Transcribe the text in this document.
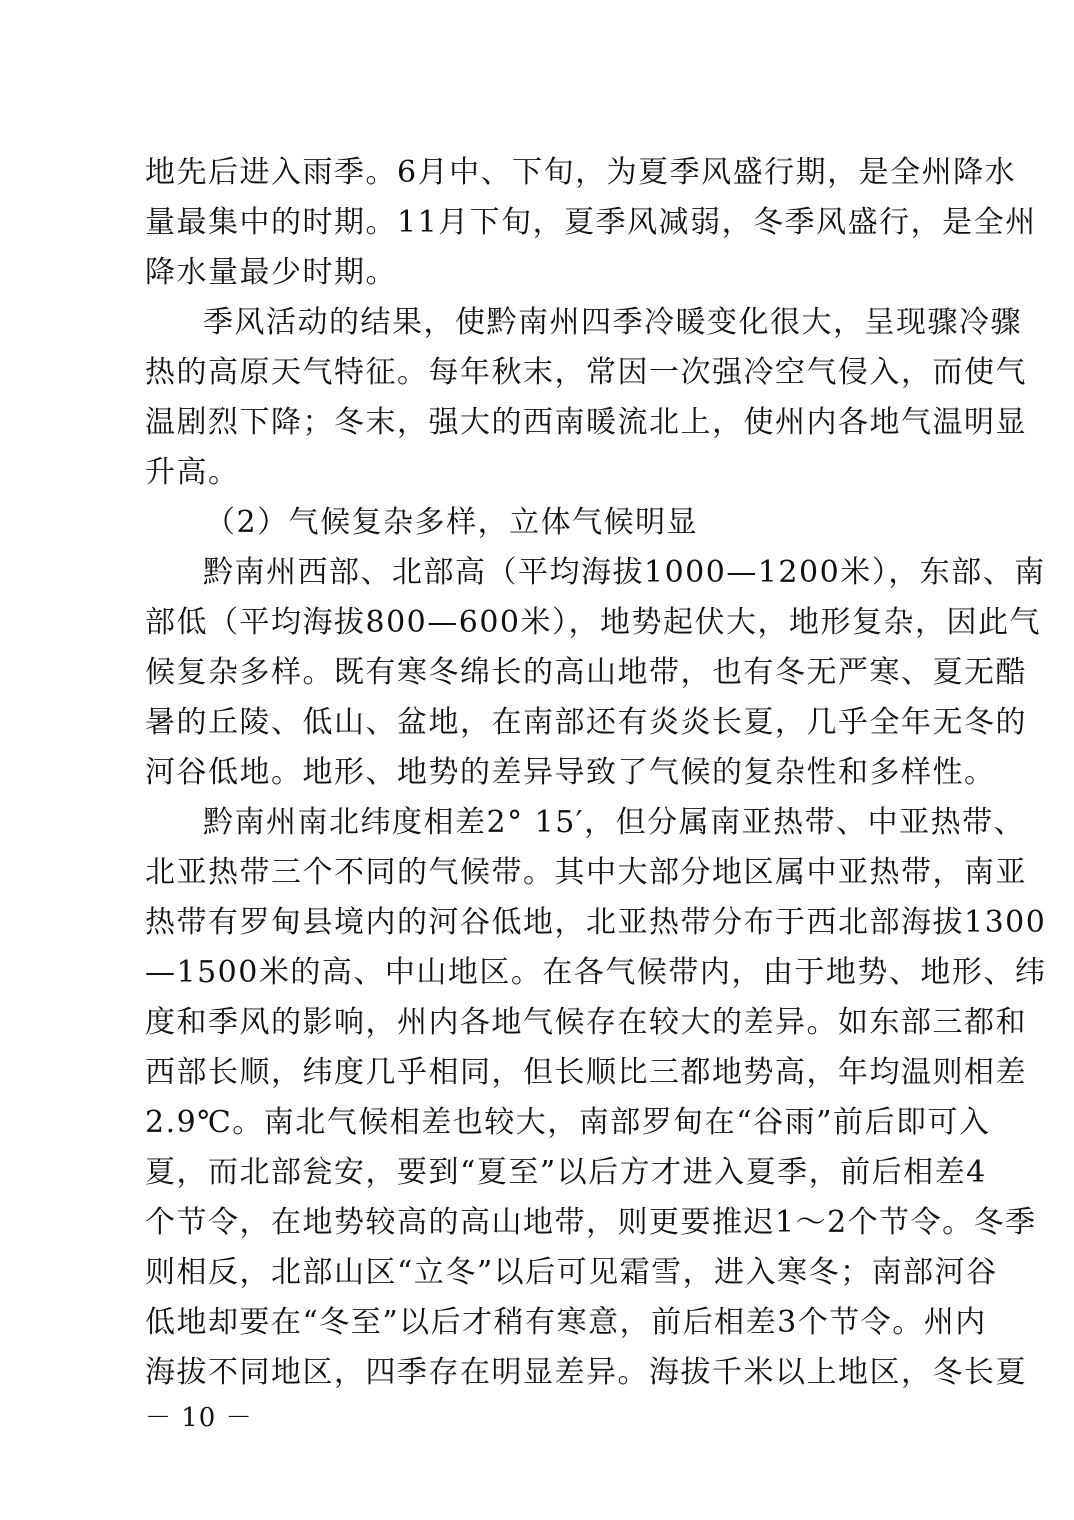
地先后进入雨季。6月中、下旬，为夏季风盛行期，是全州降水
量最集中的时期。11月下旬，夏季风减弱，冬季风盛行，是全州
降水量最少时期。
季风活动的结果，使黔南州四季冷暖变化很大，呈现骤冷骤
热的高原天气特征。每年秋末，常因一次强冷空气侵入，而使气
温剧烈下降；冬末，强大的西南暖流北上，使州内各地气温明显
升高。
（2）气候复杂多样，立体气候明显
黔南州西部、北部高（平均海拔1000—1200米），东部、南
部低（平均海拔800—600米），地势起伏大，地形复杂，因此气
候复杂多样。既有寒冬绵长的高山地带，也有冬无严寒、夏无酷
暑的丘陵、低山、盆地，在南部还有炎炎长夏，几乎全年无冬的
河谷低地。地形、地势的差异导致了气候的复杂性和多样性。
黔南州南北纬度相差2° 15′，但分属南亚热带、中亚热带、
北亚热带三个不同的气候带。其中大部分地区属中亚热带，南亚
热带有罗甸县境内的河谷低地，北亚热带分布于西北部海拔1300
—1500米的高、中山地区。在各气候带内，由于地势、地形、纬
度和季风的影响，州内各地气候存在较大的差异。如东部三都和
西部长顺，纬度几乎相同，但长顺比三都地势高，年均温则相差
2.9℃。南北气候相差也较大，南部罗甸在“谷雨”前后即可入
夏，而北部瓮安，要到“夏至”以后方才进入夏季，前后相差4
个节令，在地势较高的高山地带，则更要推迟1～2个节令。冬季
则相反，北部山区“立冬”以后可见霜雪，进入寒冬；南部河谷
低地却要在“冬至”以后才稍有寒意，前后相差3个节令。州内
海拔不同地区，四季存在明显差异。海拔千米以上地区，冬长夏
－ 10 －
